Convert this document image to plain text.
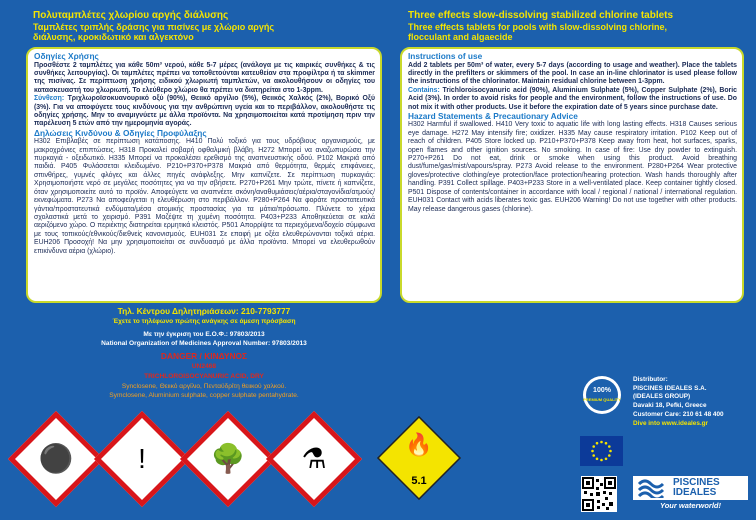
Πολυταμπλέτες χλωρίου αργής διάλυσης
Ταμπλέτες τριπλής δράσης για πισίνες με χλώριο αργής
διάλυσης, κροκιδωτικό και αλγεκτόνο
Three effects slow-dissolving stabilized chlorine tablets
Three effects tablets for pools with slow-dissolving chlorine,
flocculant and algaecide
Οδηγίες Χρήσης
Προσθέστε 2 ταμπλέτες για κάθε 50m³ νερού, κάθε 5-7 μέρες (ανάλογα με τις καιρικές συνθήκες & τις συνθήκες λειτουργίας). Οι ταμπλέτες πρέπει να τοποθετούνται κατευθείαν στα προφίλτρα ή τα skimmer της πισίνας. Σε περίπτωση χρήσης ειδικού χλωριωτή ταμπλετών, να ακολουθήσουν οι οδηγίες του κατασκευαστή του χλωριωτή. Το ελεύθερο χλώριο θα πρέπει να διατηρείται στο 1-3ppm.
Σύνθεση: Τριχλωροϊσοκυανουρικό οξύ (90%), Θειικό αργίλιο (5%), Θειικός Χαλκός (2%), Βορικό Οξύ (3%). Για να αποφύγετε τους κινδύνους για την ανθρώπινη υγεία και το περιβάλλον, ακολουθήστε τις οδηγίες χρήσης. Μην το αναμιγνύετε με άλλα προϊόντα. Να χρησιμοποιείται κατά προτίμηση πριν την παρέλευση 5 ετών από την ημερομηνία αγοράς.
Δηλώσεις Κινδύνου & Οδηγίες Προφύλαξης
H302 Επιβλαβές σε περίπτωση κατάποσης. H410 Πολύ τοξικό για τους υδρόβιους οργανισμούς, με μακροχρόνιες επιπτώσεις. H318 Προκαλεί σοβαρή οφθαλμική βλάβη. H272 Μπορεί να αναζωπυρώσει την πυρκαγιά - οξειδωτικό. H335 Μπορεί να προκαλέσει ερεθισμό της αναπνευστικής οδού. P102 Μακριά από παιδιά. P405 Φυλάσσεται κλειδωμένο. P210+P370+P378 Μακριά από θερμότητα, θερμές επιφάνειες, σπινθήρες, γυμνές φλόγες και άλλες πηγές ανάφλεξης. Μην καπνίζετε. Σε περίπτωση πυρκαγιάς: Χρησιμοποιήστε νερό σε μεγάλες ποσότητες για να την σβήσετε. P270+P261 Μην τρώτε, πίνετε ή καπνίζετε, όταν χρησιμοποιείτε αυτό το προϊόν. Αποφεύγετε να αναπνέετε σκόνη/αναθυμιάσεις/αέρια/σταγονίδια/ατμούς/εκνεφώματα. P273 Να αποφεύγεται η ελευθέρωση στο περιβάλλον. P280+P264 Να φοράτε προστατευτικά γάντια/προστατευτικά ενδύματα/μέσα ατομικής προστασίας για τα μάτια/πρόσωπο. Πλύνετε το χέρια σχολαστικά μετά το χειρισμό. P391 Μαζέψτε τη χυμένη ποσότητα. P403+P233 Αποθηκεύεται σε καλά αεριζόμενο χώρο. Ο περιέκτης διατηρείται ερμητικά κλειστός. P501 Απορρίψτε τα περιεχόμενα/δοχείο σύμφωνα με τους τοπικούς/εθνικούς/διεθνείς κανονισμούς. EUH031 Σε επαφή με οξέα ελευθερώνονται τοξικά αέρια. EUH206 Προσοχή! Να μην χρησιμοποιείται σε συνδυασμό με άλλα προϊόντα. Μπορεί να ελευθερωθούν επικίνδυνα αέρια (χλώριο).
Instructions of use
Add 2 tablets per 50m³ of water, every 5-7 days (according to usage and weather). Place the tablets directly in the prefilters or skimmers of the pool. In case an in-line chlorinator is used please follow the instructions of the chlorinator. Maintain residual chlorine between 1-3ppm.
Contains: Trichloroisocyanuric acid (90%), Aluminium Sulphate (5%), Copper Sulphate (2%), Boric Acid (3%). In order to avoid risks for people and the environment, follow the instructions of use. Do not mix it with other products. Use it before the expiration date of 5 years since purchase date.
Hazard Statements & Precautionary Advice
H302 Harmful if swallowed. H410 Very toxic to aquatic life with long lasting effects. H318 Causes serious eye damage. H272 May intensify fire; oxidizer. H335 May cause respiratory irritation. P102 Keep out of reach of children. P405 Store locked up. P210+P370+P378 Keep away from heat, hot surfaces, sparks, open flames and other ignition sources. No smoking. In case of fire: Use dry powder to extinguish. P270+P261 Do not eat, drink or smoke when using this product. Avoid breathing dust/fume/gas/mist/vapours/spray. P273 Avoid release to the environment. P280+P264 Wear protective gloves/protective clothing/eye protection/face protection/hearing protection. Wash hands thoroughly after handling. P391 Collect spillage. P403+P233 Store in a well-ventilated place. Keep container tightly closed. P501 Dispose of contents/container in accordance with local / regional / national / international regulation. EUH031 Contact with acids liberates toxic gas. EUH206 Warning! Do not use together with other products. May release dangerous gases (chlorine).
Τηλ. Κέντρου Δηλητηριάσεων: 210-7793777
Έχετε το τηλέφωνο πρώτης ανάγκης σε άμεση πρόσβαση
Με την έγκριση του Ε.Ο.Φ.: 97803/2013
National Organization of Medicines Approval Number: 97803/2013
DANGER / ΚΙΝΔΥΝΟΣ
UN2468
TRICHLOROISOCYANURIC ACID, DRY
Synclosene, Θειικό αργίλιο, Πενταϋδρίτη θειικού χαλκού.
Symclosene, Aluminium sulphate, copper sulphate pentahydrate.
⚫	!	🌳	⚗	🔥
5.1
100%
PREMIUM QUALITY
Distributor:
PISCINES IDEALES S.A.
(IDEALES GROUP)
Davaki 18, Pefki, Greece
Customer Care: 210 61 48 400
Dive into www.ideales.gr
PISCINES
IDEALES
Your waterworld!
